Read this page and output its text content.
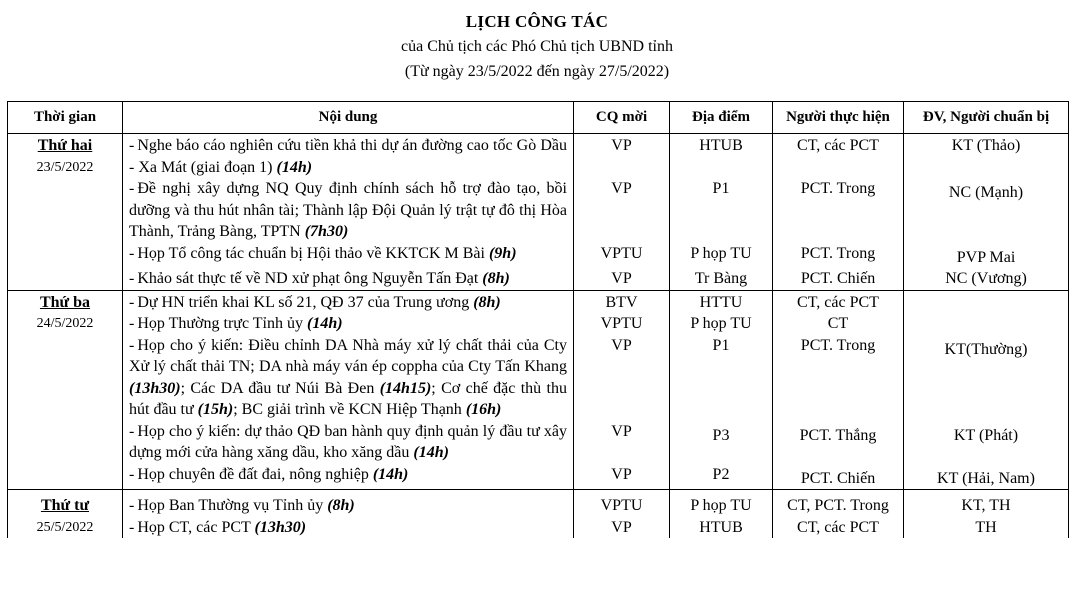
LỊCH CÔNG TÁC
của Chủ tịch các Phó Chủ tịch UBND tỉnh
(Từ ngày 23/5/2022 đến ngày 27/5/2022)
Thời gian	Nội dung	CQ mời	Địa điểm	Người thực hiện	ĐV, Người chuẩn bị

Thứ hai
23/5/2022	- Nghe báo cáo nghiên cứu tiền khả thi dự án đường cao tốc Gò Dầu - Xa Mát (giai đoạn 1) (14h)	VP	HTUB	CT, các PCT	KT (Thảo)
	- Đề nghị xây dựng NQ Quy định chính sách hỗ trợ đào tạo, bồi dưỡng và thu hút nhân tài; Thành lập Đội Quản lý trật tự đô thị Hòa Thành, Trảng Bàng, TPTN (7h30)	VP	P1	PCT. Trong	NC (Mạnh)
	- Họp Tổ công tác chuẩn bị Hội thảo về KKTCK M Bài (9h)	VPTU	P họp TU	PCT. Trong	PVP Mai
	- Khảo sát thực tế về ND xử phạt ông Nguyễn Tấn Đạt (8h)	VP	Tr Bàng	PCT. Chiến	NC (Vương)

Thứ ba
24/5/2022	- Dự HN triển khai KL số 21, QĐ 37 của Trung ương (8h)	BTV	HTTU	CT, các PCT	
	- Họp Thường trực Tỉnh ủy (14h)	VPTU	P họp TU	CT	
	- Họp cho ý kiến: Điều chỉnh DA Nhà máy xử lý chất thải của Cty Xử lý chất thải TN; DA nhà máy ván ép coppha của Cty Tấn Khang (13h30); Các DA đầu tư Núi Bà Đen (14h15); Cơ chế đặc thù thu hút đầu tư (15h); BC giải trình về KCN Hiệp Thạnh (16h)	VP	P1	PCT. Trong	KT(Thường)
	- Họp cho ý kiến: dự thảo QĐ ban hành quy định quản lý đầu tư xây dựng mới cửa hàng xăng dầu, kho xăng dầu (14h)	VP	P3	PCT. Thắng	KT (Phát)
	- Họp chuyên đề đất đai, nông nghiệp (14h)	VP	P2	PCT. Chiến	KT (Hải, Nam)

Thứ tư
25/5/2022	- Họp Ban Thường vụ Tỉnh ủy (8h)	VPTU	P họp TU	CT, PCT. Trong	KT, TH
	- Họp CT, các PCT (13h30)	VP	HTUB	CT, các PCT	TH
